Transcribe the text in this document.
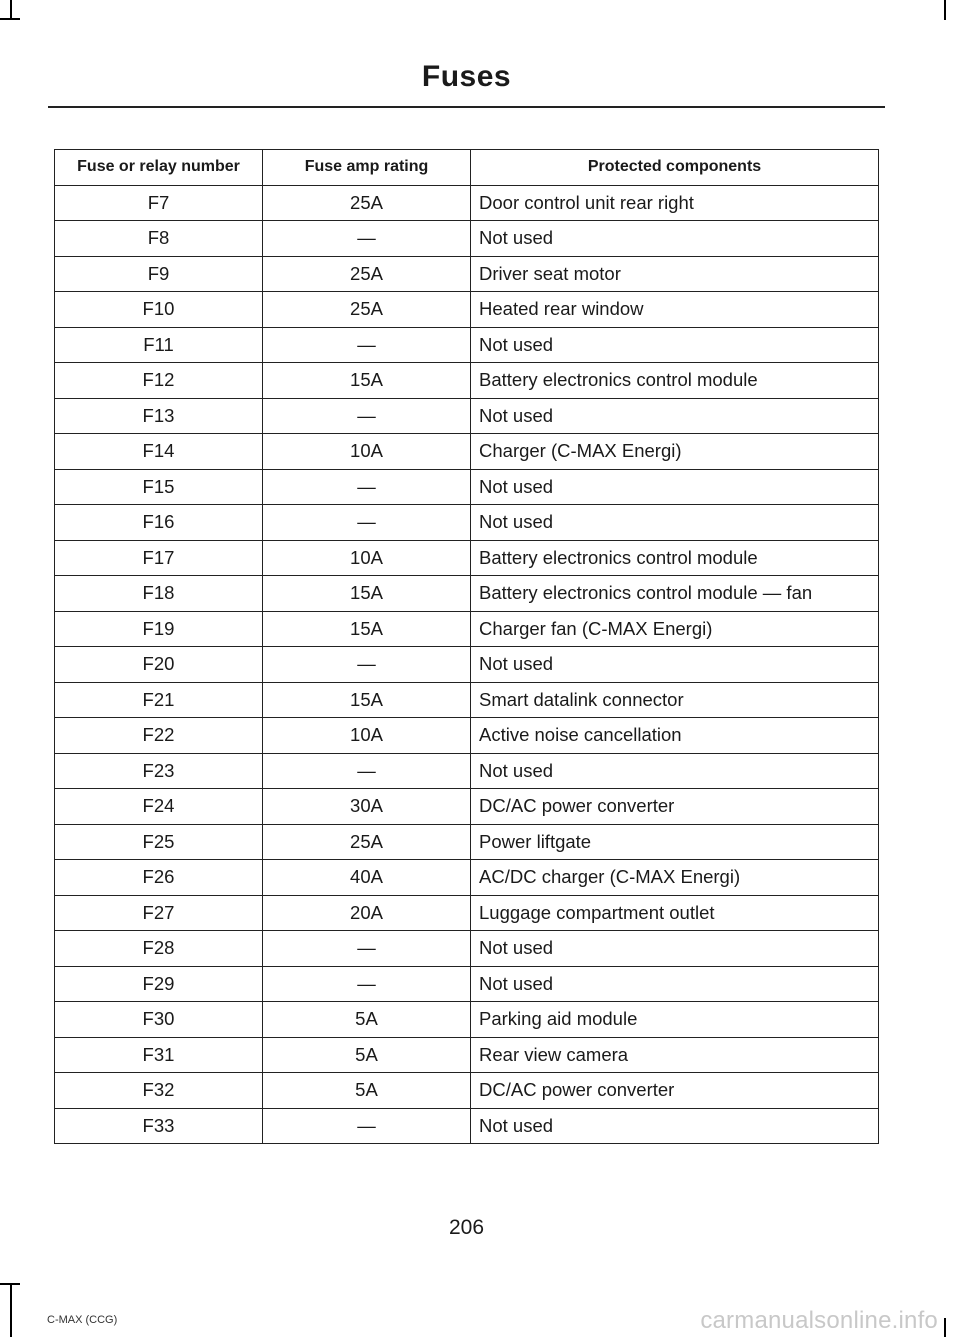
Fuses
Fuse or relay number	Fuse amp rating	Protected components
F7	25A	Door control unit rear right
F8	—	Not used
F9	25A	Driver seat motor
F10	25A	Heated rear window
F11	—	Not used
F12	15A	Battery electronics control module
F13	—	Not used
F14	10A	Charger (C-MAX Energi)
F15	—	Not used
F16	—	Not used
F17	10A	Battery electronics control module
F18	15A	Battery electronics control module — fan
F19	15A	Charger fan (C-MAX Energi)
F20	—	Not used
F21	15A	Smart datalink connector
F22	10A	Active noise cancellation
F23	—	Not used
F24	30A	DC/AC power converter
F25	25A	Power liftgate
F26	40A	AC/DC charger (C-MAX Energi)
F27	20A	Luggage compartment outlet
F28	—	Not used
F29	—	Not used
F30	5A	Parking aid module
F31	5A	Rear view camera
F32	5A	DC/AC power converter
F33	—	Not used
206
C-MAX (CCG)	carmanualsonline.info
